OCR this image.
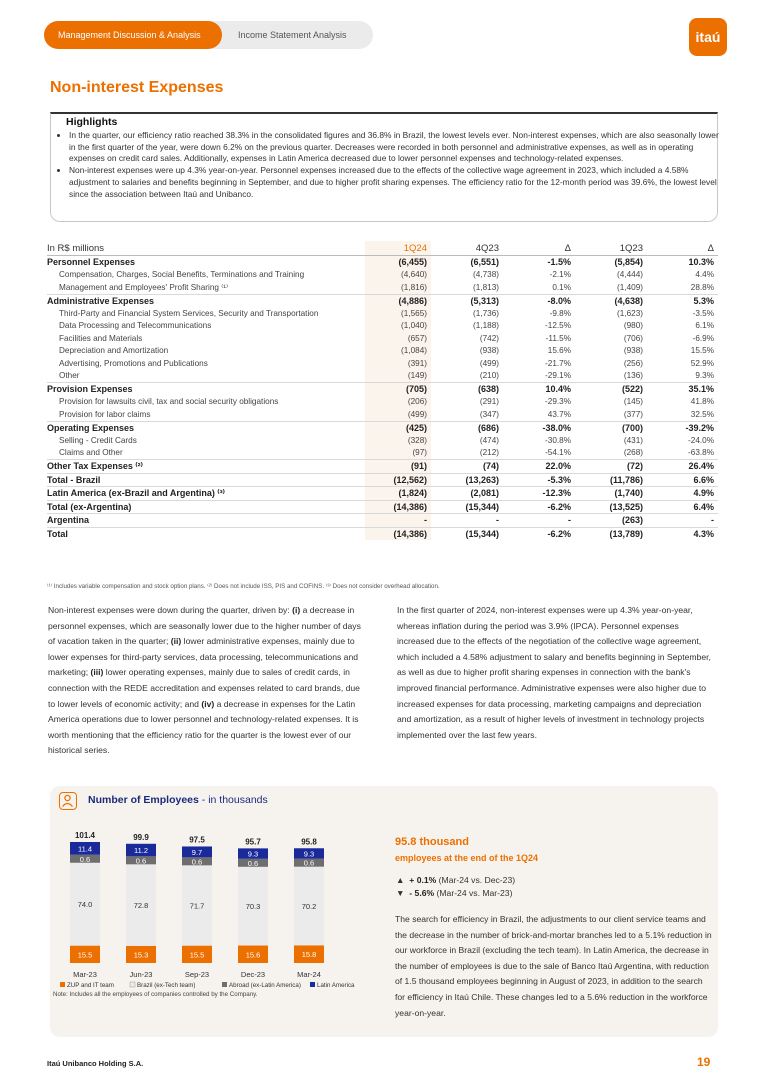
Management Discussion & Analysis	Income Statement Analysis	itaú
Non-interest Expenses
Highlights
• In the quarter, our efficiency ratio reached 38.3% in the consolidated figures and 36.8% in Brazil, the lowest levels ever. Non-interest expenses, which are also seasonally lower in the first quarter of the year, were down 6.2% on the previous quarter. Decreases were recorded in both personnel and administrative expenses, as well as in operating expenses on credit card sales. Additionally, expenses in Latin America decreased due to lower personnel expenses and technology-related expenses.
• Non-interest expenses were up 4.3% year-on-year. Personnel expenses increased due to the effects of the collective wage agreement in 2023, which included a 4.58% adjustment to salaries and benefits beginning in September, and due to higher profit sharing expenses. The efficiency ratio for the 12-month period was 39.6%, the lowest level since the association between Itaú and Unibanco.
In R$ millions	1Q24	4Q23	Δ	1Q23	Δ
Personnel Expenses	(6,455)	(6,551)	-1.5%	(5,854)	10.3%
Compensation, Charges, Social Benefits, Terminations and Training	(4,640)	(4,738)	-2.1%	(4,444)	4.4%
Management and Employees' Profit Sharing ⁽¹⁾	(1,816)	(1,813)	0.1%	(1,409)	28.8%
Administrative Expenses	(4,886)	(5,313)	-8.0%	(4,638)	5.3%
Third-Party and Financial System Services, Security and Transportation	(1,565)	(1,736)	-9.8%	(1,623)	-3.5%
Data Processing and Telecommunications	(1,040)	(1,188)	-12.5%	(980)	6.1%
Facilities and Materials	(657)	(742)	-11.5%	(706)	-6.9%
Depreciation and Amortization	(1,084)	(938)	15.6%	(938)	15.5%
Advertising, Promotions and Publications	(391)	(499)	-21.7%	(256)	52.9%
Other	(149)	(210)	-29.1%	(136)	9.3%
Provision Expenses	(705)	(638)	10.4%	(522)	35.1%
Provision for lawsuits civil, tax and social security obligations	(206)	(291)	-29.3%	(145)	41.8%
Provision for labor claims	(499)	(347)	43.7%	(377)	32.5%
Operating Expenses	(425)	(686)	-38.0%	(700)	-39.2%
Selling - Credit Cards	(328)	(474)	-30.8%	(431)	-24.0%
Claims and Other	(97)	(212)	-54.1%	(268)	-63.8%
Other Tax Expenses ⁽²⁾	(91)	(74)	22.0%	(72)	26.4%
Total - Brazil	(12,562)	(13,263)	-5.3%	(11,786)	6.6%
Latin America (ex-Brazil and Argentina) ⁽³⁾	(1,824)	(2,081)	-12.3%	(1,740)	4.9%
Total (ex-Argentina)	(14,386)	(15,344)	-6.2%	(13,525)	6.4%
Argentina	-	-	-	(263)	-
Total	(14,386)	(15,344)	-6.2%	(13,789)	4.3%
⁽¹⁾ Includes variable compensation and stock option plans. ⁽²⁾ Does not include ISS, PIS and COFINS. ⁽³⁾ Does not consider overhead allocation.

Non-interest expenses were down during the quarter, driven by: (i) a decrease in personnel expenses, which are seasonally lower due to the higher number of days of vacation taken in the quarter; (ii) lower administrative expenses, mainly due to lower expenses for third-party services, data processing, telecommunications and marketing; (iii) lower operating expenses, mainly due to sales of credit cards, in connection with the REDE accreditation and expenses related to card brands, due to lower levels of economic activity; and (iv) a decrease in expenses for the Latin America operations due to lower personnel and technology-related expenses. It is worth mentioning that the efficiency ratio for the quarter is the lowest ever of our historical series.

In the first quarter of 2024, non-interest expenses were up 4.3% year-on-year, whereas inflation during the period was 3.9% (IPCA). Personnel expenses increased due to the effects of the negotiation of the collective wage agreement, which included a 4.58% adjustment to salary and benefits beginning in September, as well as due to higher profit sharing expenses in connection with the bank's improved financial performance. Administrative expenses were also higher due to increased expenses for data processing, marketing campaigns and depreciation and amortization, as a result of higher levels of investment in technology projects implemented over the last few years.

Number of Employees - in thousands
15.5
74.0
0.6
11.4
101.4
Mar-23
15.3
72.8
0.6
11.2
99.9
Jun-23
15.5
71.7
0.6
9.7
97.5
Sep-23
15.6
70.3
0.6
9.3
95.7
Dec-23
15.8
70.2
0.6
9.3
95.8
Mar-24
ZUP and IT team	Brazil (ex-Tech team)	Abroad (ex-Latin America)	Latin America
Note: Includes all the employees of companies controlled by the Company.
95.8 thousand
employees at the end of the 1Q24
▲ + 0.1% (Mar-24 vs. Dec-23)
▼ - 5.6% (Mar-24 vs. Mar-23)

The search for efficiency in Brazil, the adjustments to our client service teams and the decrease in the number of brick-and-mortar branches led to a 5.1% reduction in our workforce in Brazil (excluding the tech team). In Latin America, the decrease in the number of employees is due to the sale of Banco Itaú Argentina, with reduction of 1.5 thousand employees beginning in August of 2023, in addition to the search for efficiency in Itaú Chile. These changes led to a 5.6% reduction in the workforce year-on-year.

Itaú Unibanco Holding S.A.	19
